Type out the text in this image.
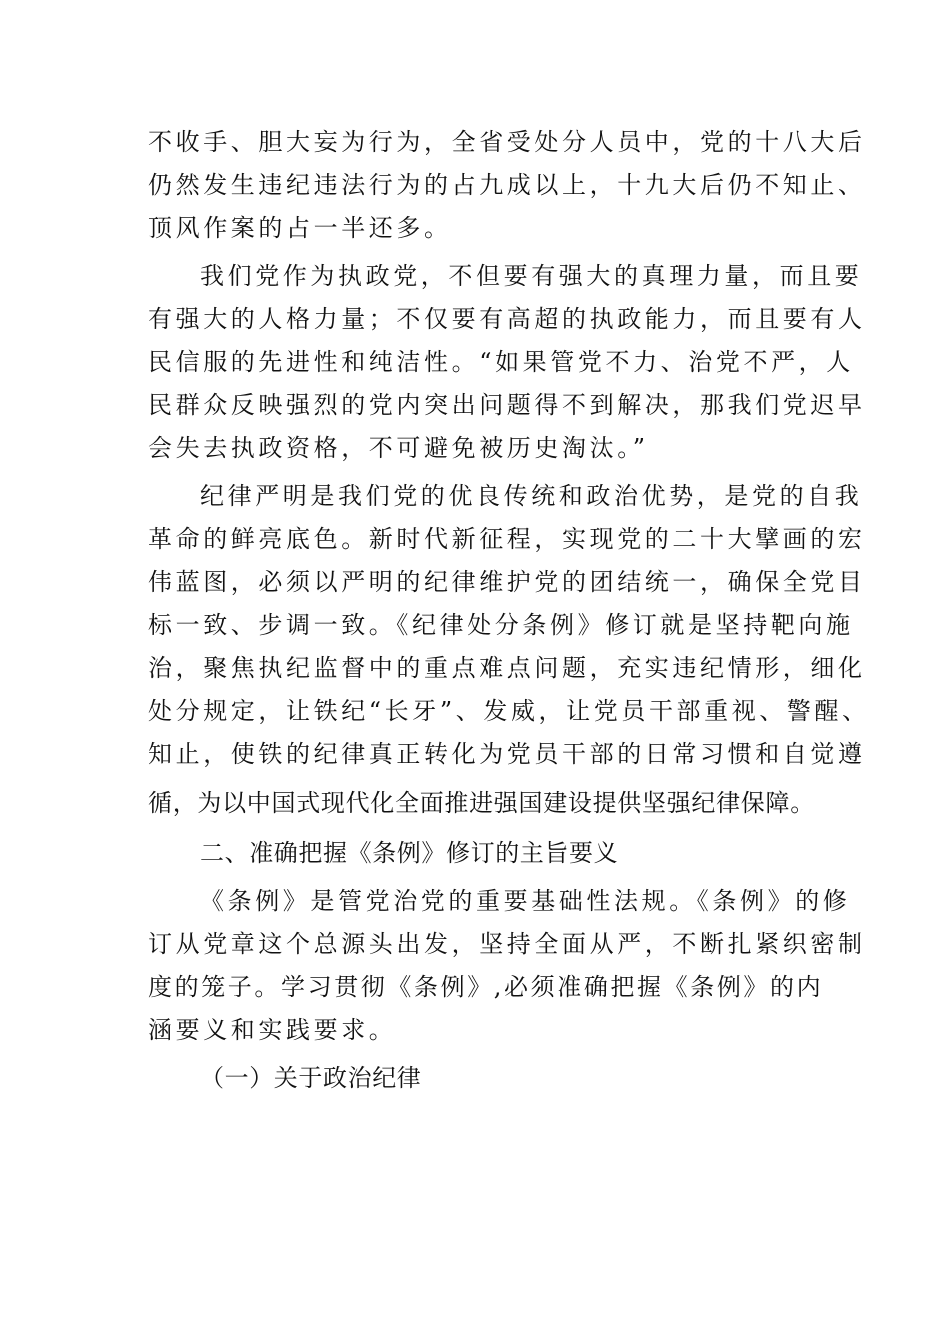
不收手、胆大妄为行为，全省受处分人员中，党的十八大后
仍然发生违纪违法行为的占九成以上，十九大后仍不知止、
顶风作案的占一半还多。
我们党作为执政党，不但要有强大的真理力量，而且要
有强大的人格力量；不仅要有高超的执政能力，而且要有人
民信服的先进性和纯洁性。“如果管党不力、治党不严，人
民群众反映强烈的党内突出问题得不到解决，那我们党迟早
会失去执政资格，不可避免被历史淘汰。”
纪律严明是我们党的优良传统和政治优势，是党的自我
革命的鲜亮底色。新时代新征程，实现党的二十大擘画的宏
伟蓝图，必须以严明的纪律维护党的团结统一，确保全党目
标一致、步调一致。《纪律处分条例》修订就是坚持靶向施
治，聚焦执纪监督中的重点难点问题，充实违纪情形，细化
处分规定，让铁纪“长牙”、发威，让党员干部重视、警醒、
知止，使铁的纪律真正转化为党员干部的日常习惯和自觉遵
循，为以中国式现代化全面推进强国建设提供坚强纪律保障。
二、准确把握《条例》修订的主旨要义
《条例》是管党治党的重要基础性法规。《条例》的修
订从党章这个总源头出发，坚持全面从严，不断扎紧织密制
度的笼子。学习贯彻《条例》,必须准确把握《条例》的内
涵要义和实践要求。
（一）关于政治纪律
